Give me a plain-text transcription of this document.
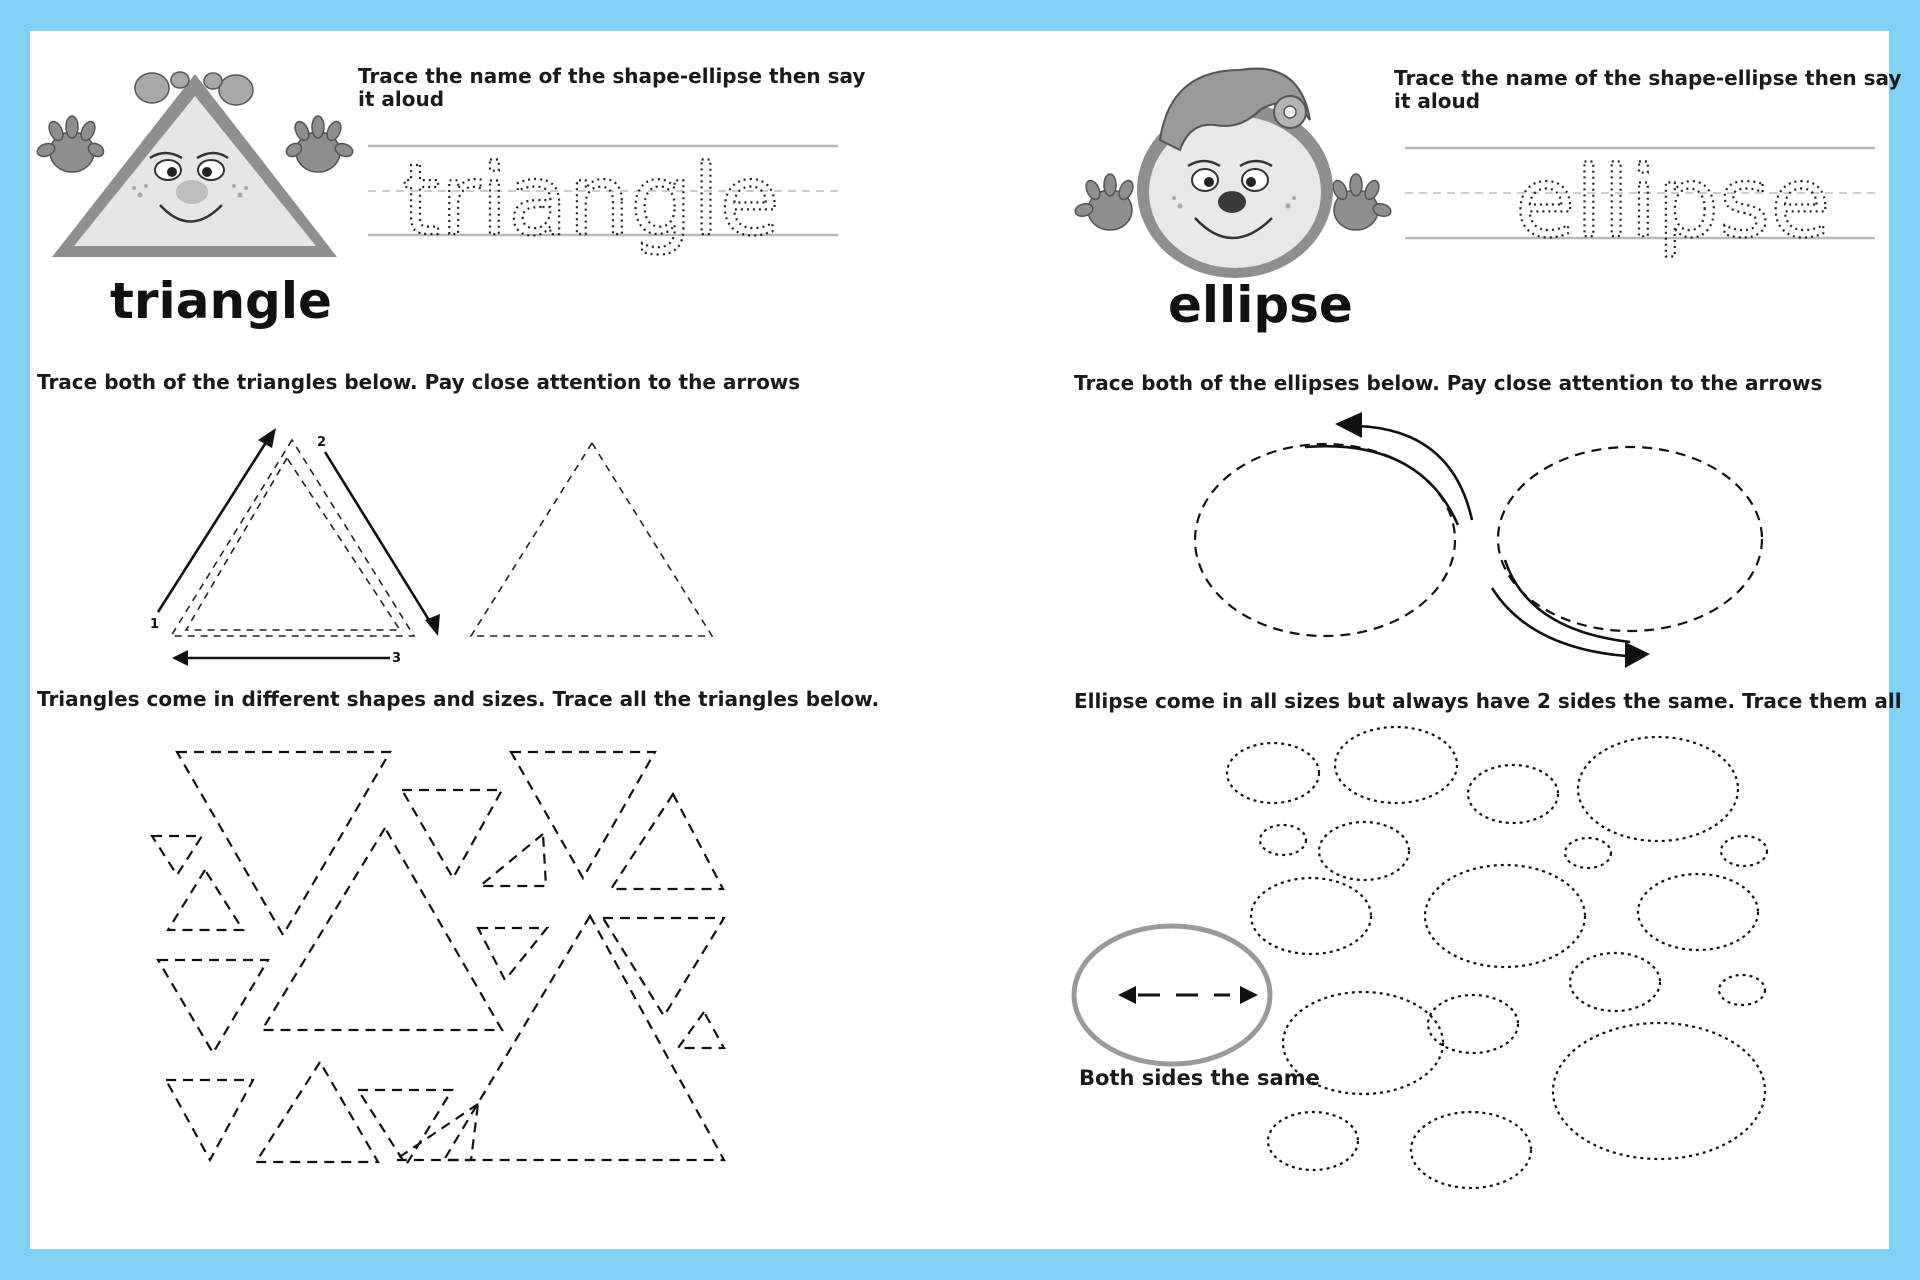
triangle
Trace the name of the shape-ellipse then say
it aloud
triangle
Trace both of the triangles below. Pay close attention to the arrows
1
2
3
Triangles come in different shapes and sizes. Trace all the triangles below.
ellipse
Trace the name of the shape-ellipse then say
it aloud
ellipse
Trace both of the ellipses below. Pay close attention to the arrows
Ellipse come in all sizes but always have 2 sides the same. Trace them all
Both sides the same
